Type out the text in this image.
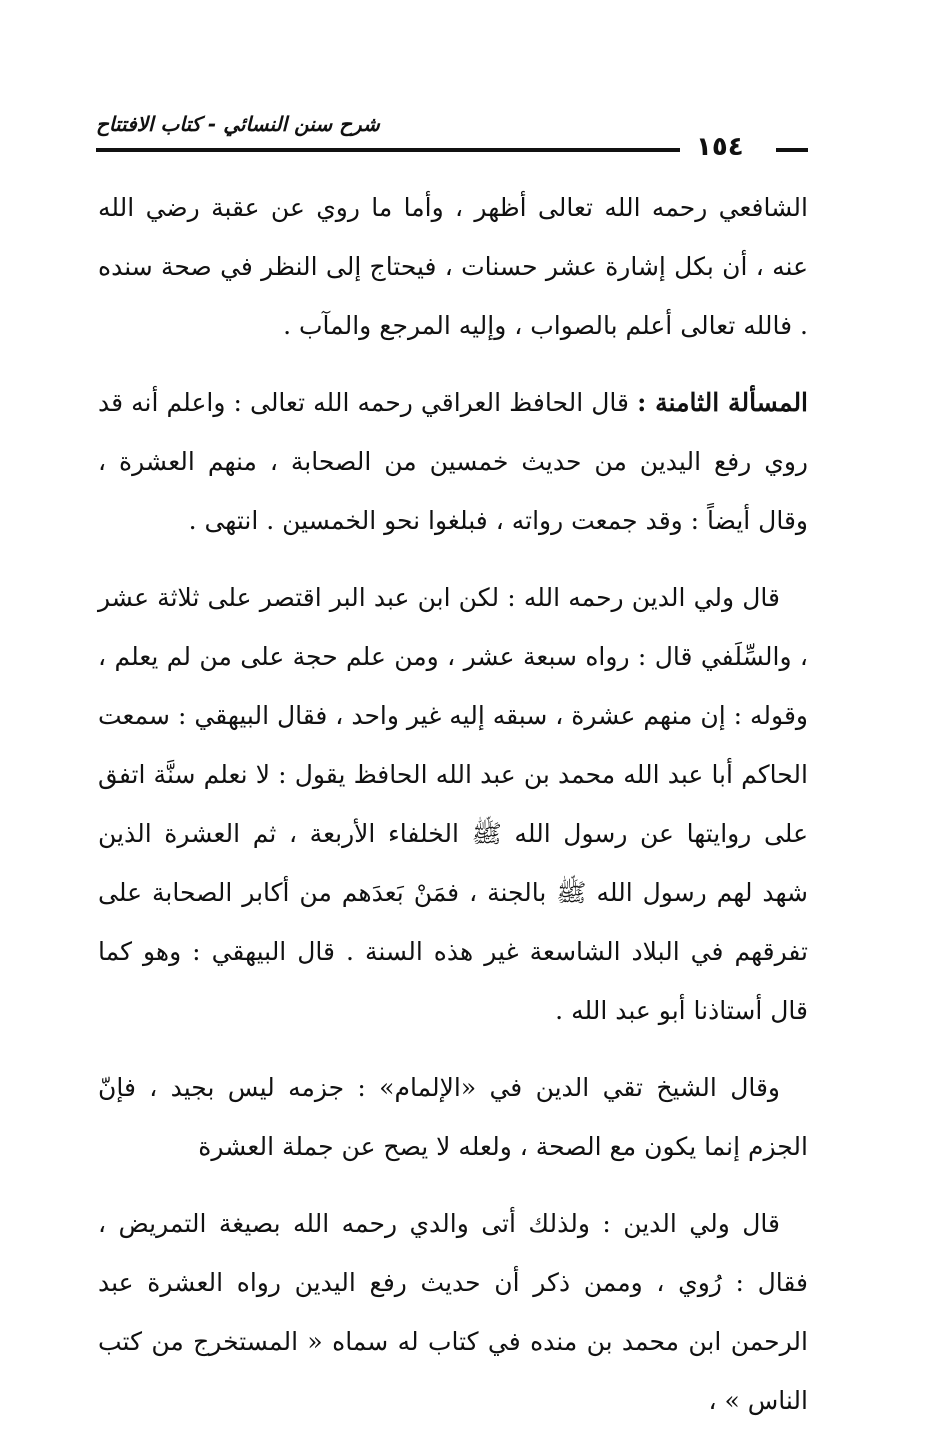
شرح سنن النسائي - كتاب الافتتاح
١٥٤

الشافعي رحمه الله تعالى أظهر ، وأما ما روي عن عقبة رضي الله عنه ، أن بكل إشارة عشر حسنات ، فيحتاج إلى النظر في صحة سنده . فالله تعالى أعلم بالصواب ، وإليه المرجع والمآب .

المسألة الثامنة : قال الحافظ العراقي رحمه الله تعالى : واعلم أنه قد روي رفع اليدين من حديث خمسين من الصحابة ، منهم العشرة ، وقال أيضاً : وقد جمعت رواته ، فبلغوا نحو الخمسين . انتهى .

قال ولي الدين رحمه الله : لكن ابن عبد البر اقتصر على ثلاثة عشر ، والسِّلَفي قال : رواه سبعة عشر ، ومن علم حجة على من لم يعلم ، وقوله : إن منهم عشرة ، سبقه إليه غير واحد ، فقال البيهقي : سمعت الحاكم أبا عبد الله محمد بن عبد الله الحافظ يقول : لا نعلم سنَّة اتفق على روايتها عن رسول الله ﷺ الخلفاء الأربعة ، ثم العشرة الذين شهد لهم رسول الله ﷺ بالجنة ، فمَنْ بَعدَهم من أكابر الصحابة على تفرقهم في البلاد الشاسعة غير هذه السنة . قال البيهقي : وهو كما قال أستاذنا أبو عبد الله .

وقال الشيخ تقي الدين في «الإلمام» : جزمه ليس بجيد ، فإنّ الجزم إنما يكون مع الصحة ، ولعله لا يصح عن جملة العشرة

قال ولي الدين : ولذلك أتى والدي رحمه الله بصيغة التمريض ، فقال : رُوي ، وممن ذكر أن حديث رفع اليدين رواه العشرة عبد الرحمن ابن محمد بن منده في كتاب له سماه « المستخرج من كتب الناس » ،
